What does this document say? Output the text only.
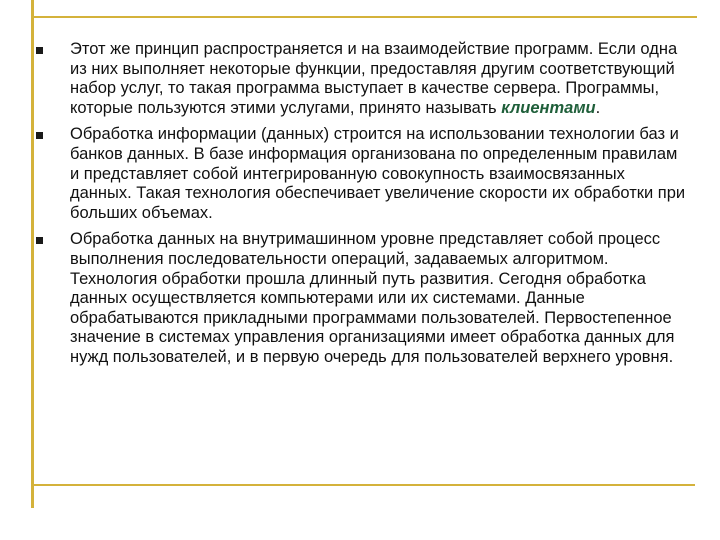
Этот же принцип распространяется и на взаимодействие программ. Если одна из них выполняет некоторые функции, предоставляя другим соответствующий набор услуг, то такая программа выступает в качестве сервера. Программы, которые пользуются этими услугами, принято называть клиентами.
Обработка информации (данных) строится на использовании технологии баз и банков данных. В базе информация организована по определенным правилам и представляет собой интегрированную совокупность взаимосвязанных данных. Такая технология обеспечивает увеличение скорости их обработки при больших объемах.
Обработка данных на внутримашинном уровне представляет собой процесс выполнения последовательности операций, задаваемых алгоритмом. Технология обработки прошла длинный путь развития. Сегодня обработка данных осуществляется компьютерами или их системами. Данные обрабатываются прикладными программами пользователей. Первостепенное значение в системах управления организациями имеет обработка данных для нужд пользователей, и в первую очередь для пользователей верхнего уровня.
